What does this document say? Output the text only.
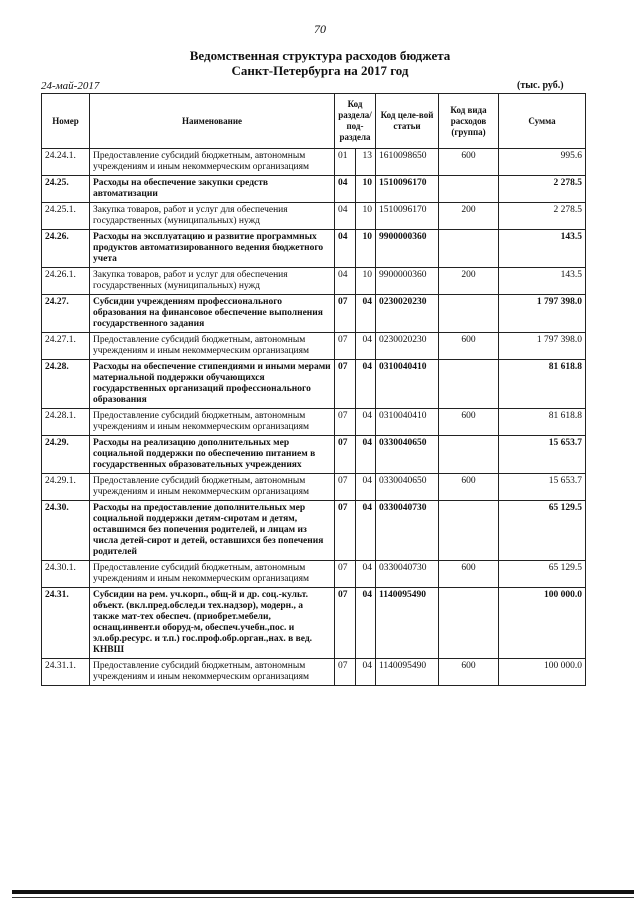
70
Ведомственная структура расходов бюджета
Санкт-Петербурга на 2017 год
24-май-2017	(тыс. руб.)
Номер	Наименование	Код раздела/ под-раздела		Код целе-вой статьи	Код вида расходов (группа)	Сумма
24.24.1.	Предоставление субсидий бюджетным, автономным учреждениям и иным некоммерческим организациям	01	13	1610098650	600	995.6
24.25.	Расходы на обеспечение закупки средств автоматизации	04	10	1510096170		2 278.5
24.25.1.	Закупка товаров, работ и услуг для обеспечения государственных (муниципальных) нужд	04	10	1510096170	200	2 278.5
24.26.	Расходы на эксплуатацию и развитие программных продуктов автоматизированного ведения бюджетного учета	04	10	9900000360		143.5
24.26.1.	Закупка товаров, работ и услуг для обеспечения государственных (муниципальных) нужд	04	10	9900000360	200	143.5
24.27.	Субсидии учреждениям профессионального образования на финансовое обеспечение выполнения государственного задания	07	04	0230020230		1 797 398.0
24.27.1.	Предоставление субсидий бюджетным, автономным учреждениям и иным некоммерческим организациям	07	04	0230020230	600	1 797 398.0
24.28.	Расходы на обеспечение стипендиями и иными мерами материальной поддержки обучающихся государственных организаций профессионального образования	07	04	0310040410		81 618.8
24.28.1.	Предоставление субсидий бюджетным, автономным учреждениям и иным некоммерческим организациям	07	04	0310040410	600	81 618.8
24.29.	Расходы на реализацию дополнительных мер социальной поддержки по обеспечению питанием в государственных образовательных учреждениях	07	04	0330040650		15 653.7
24.29.1.	Предоставление субсидий бюджетным, автономным учреждениям и иным некоммерческим организациям	07	04	0330040650	600	15 653.7
24.30.	Расходы на предоставление дополнительных мер социальной поддержки детям-сиротам и детям, оставшимся без попечения родителей, и лицам из числа детей-сирот и детей, оставшихся без попечения родителей	07	04	0330040730		65 129.5
24.30.1.	Предоставление субсидий бюджетным, автономным учреждениям и иным некоммерческим организациям	07	04	0330040730	600	65 129.5
24.31.	Субсидии на рем. уч.корп., общ-й и др. соц.-культ. объект. (вкл.пред.обслед.и тех.надзор), модерн., а также мат-тех обеспеч. (приобрет.мебели, оснащ.инвент.и оборуд-м, обеспеч.учебн.,пос. и эл.обр.ресурс. и т.п.) гос.проф.обр.орган.,нах. в вед. КНВШ	07	04	1140095490		100 000.0
24.31.1.	Предоставление субсидий бюджетным, автономным учреждениям и иным некоммерческим организациям	07	04	1140095490	600	100 000.0
